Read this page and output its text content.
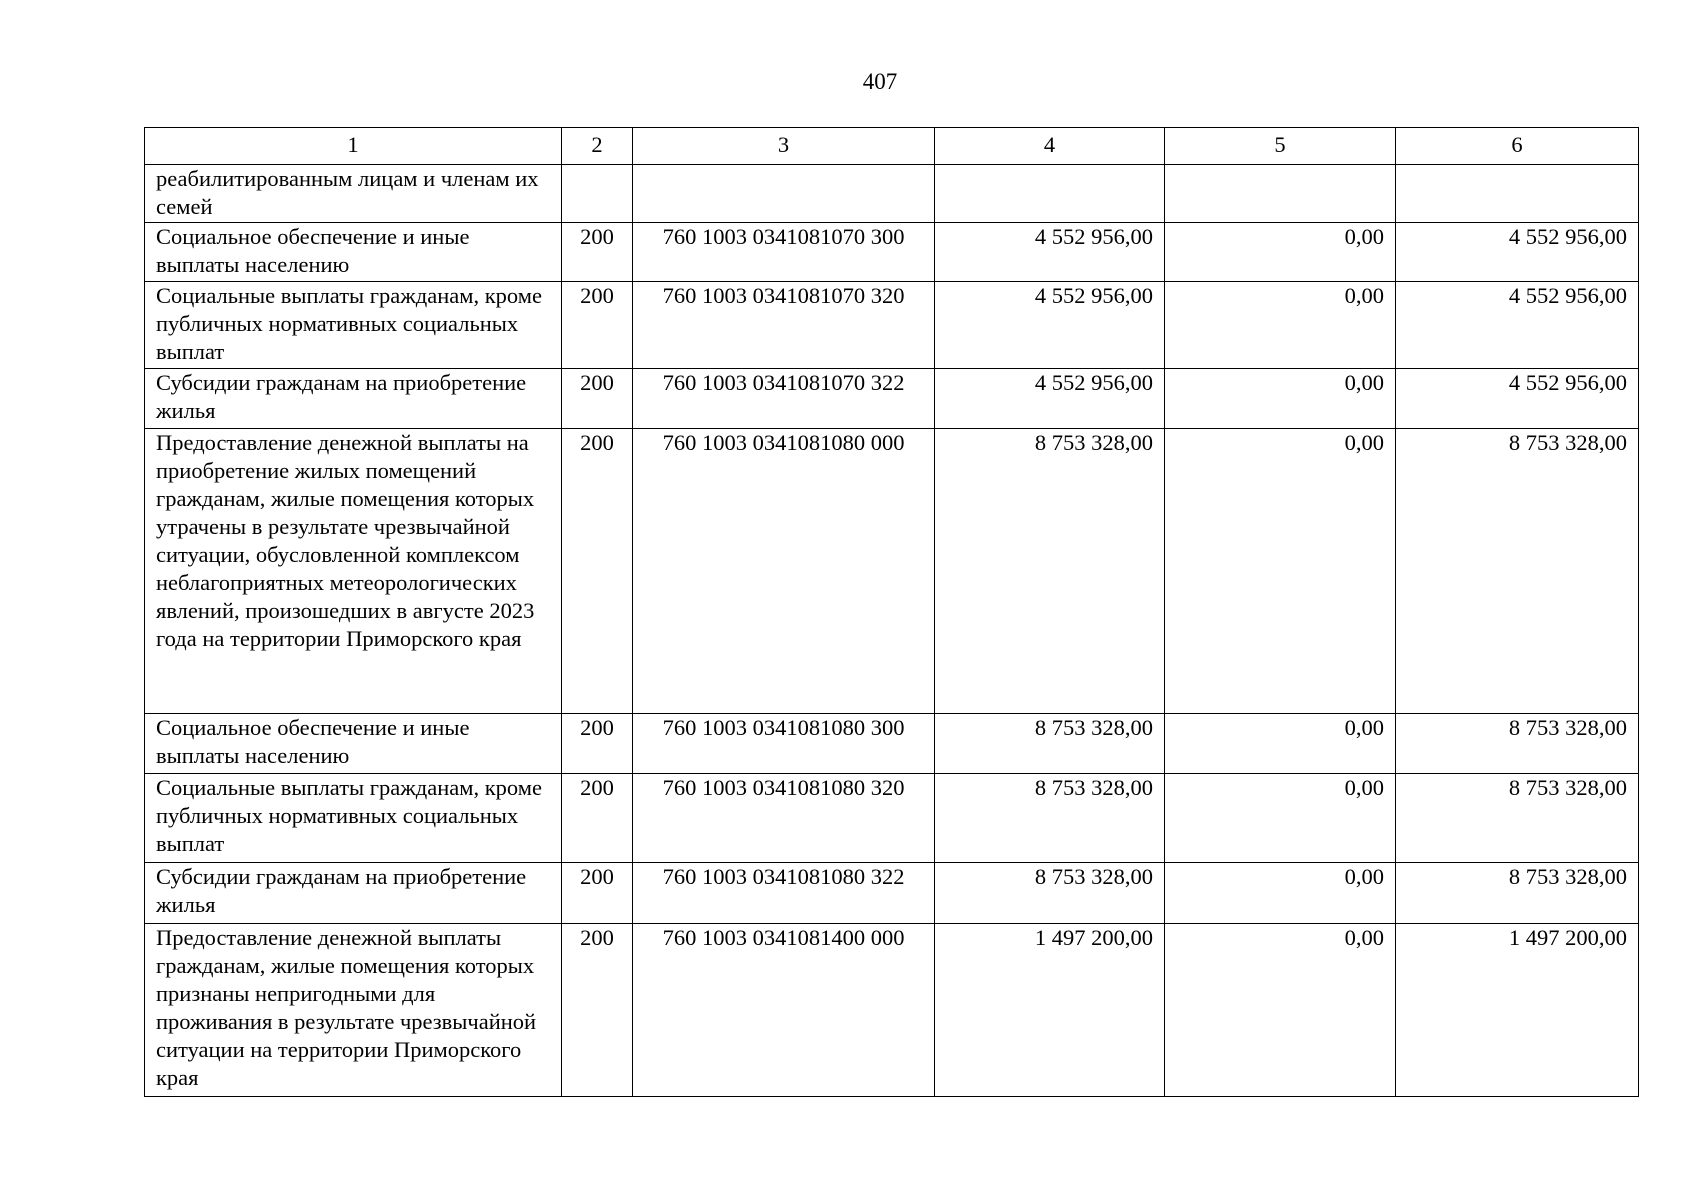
407
1	2	3	4	5	6
реабилитированным лицам и членам их семей					
Социальное обеспечение и иные выплаты населению	200	760 1003 0341081070 300	4 552 956,00	0,00	4 552 956,00
Социальные выплаты гражданам, кроме публичных нормативных социальных выплат	200	760 1003 0341081070 320	4 552 956,00	0,00	4 552 956,00
Субсидии гражданам на приобретение жилья	200	760 1003 0341081070 322	4 552 956,00	0,00	4 552 956,00
Предоставление денежной выплаты на приобретение жилых помещений гражданам, жилые помещения которых утрачены в результате чрезвычайной ситуации, обусловленной комплексом неблагоприятных метеорологических явлений, произошедших в августе 2023 года на территории Приморского края	200	760 1003 0341081080 000	8 753 328,00	0,00	8 753 328,00
Социальное обеспечение и иные выплаты населению	200	760 1003 0341081080 300	8 753 328,00	0,00	8 753 328,00
Социальные выплаты гражданам, кроме публичных нормативных социальных выплат	200	760 1003 0341081080 320	8 753 328,00	0,00	8 753 328,00
Субсидии гражданам на приобретение жилья	200	760 1003 0341081080 322	8 753 328,00	0,00	8 753 328,00
Предоставление денежной выплаты гражданам, жилые помещения которых признаны непригодными для проживания в результате чрезвычайной ситуации на территории Приморского края	200	760 1003 0341081400 000	1 497 200,00	0,00	1 497 200,00
